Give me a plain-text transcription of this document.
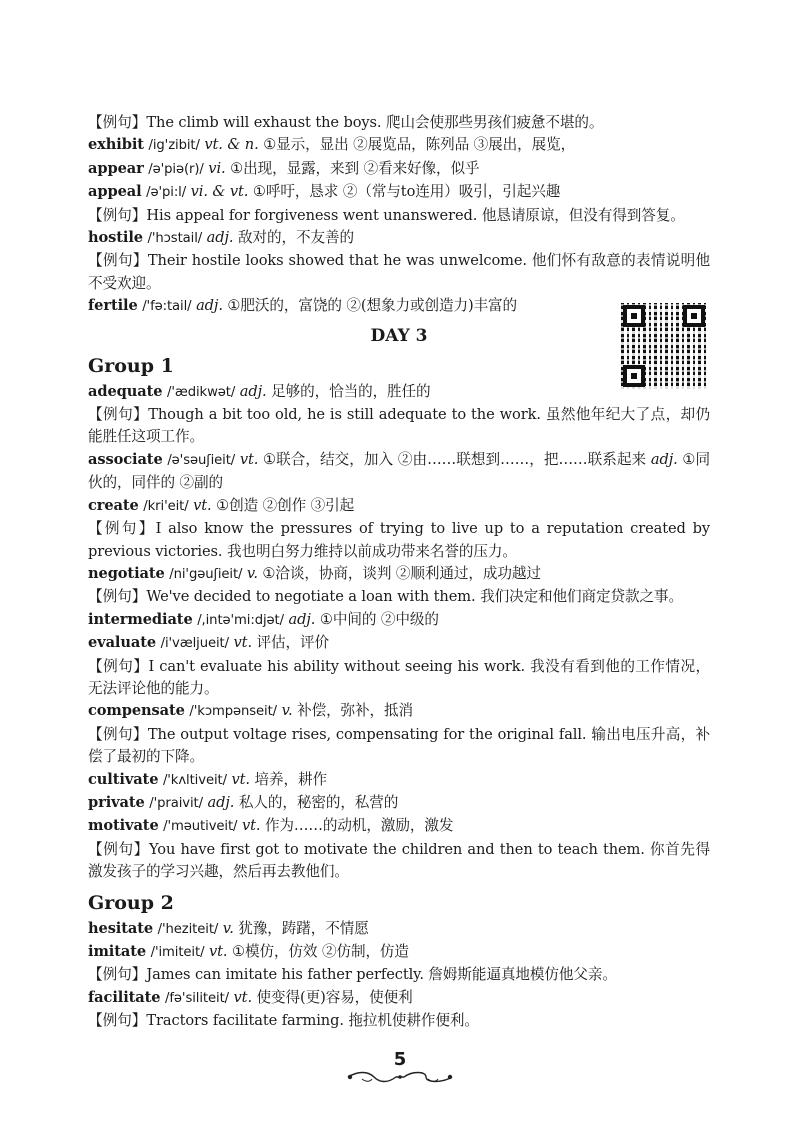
【例句】The climb will exhaust the boys. 爬山会使那些男孩们疲惫不堪的。
exhibit /ig'zibit/ vt. & n. ①显示，显出 ②展览品，陈列品 ③展出，展览，
appear /ə'piə(r)/ vi. ①出现，显露，来到 ②看来好像，似乎
appeal /ə'pi:l/ vi. & vt. ①呼吁，恳求 ②（常与to连用）吸引，引起兴趣
【例句】His appeal for forgiveness went unanswered. 他恳请原谅，但没有得到答复。
hostile /'hɔstail/ adj. 敌对的，不友善的
【例句】Their hostile looks showed that he was unwelcome. 他们怀有敌意的表情说明他不受欢迎。
fertile /'fə:tail/ adj. ①肥沃的，富饶的 ②(想象力或创造力)丰富的
DAY 3
Group 1
adequate /'ædikwət/ adj. 足够的，恰当的，胜任的
【例句】Though a bit too old, he is still adequate to the work. 虽然他年纪大了点，却仍能胜任这项工作。
associate /ə'səuʃieit/ vt. ①联合，结交，加入 ②由……联想到……，把……联系起来 adj. ①同伙的，同伴的 ②副的
create /kri'eit/ vt. ①创造 ②创作 ③引起
【例句】I also know the pressures of trying to live up to a reputation created by previous victories. 我也明白努力维持以前成功带来名誉的压力。
negotiate /ni'gəuʃieit/ v. ①洽谈，协商，谈判 ②顺利通过，成功越过
【例句】We've decided to negotiate a loan with them. 我们决定和他们商定贷款之事。
intermediate /,intə'mi:djət/ adj. ①中间的 ②中级的
evaluate /i'væljueit/ vt. 评估，评价
【例句】I can't evaluate his ability without seeing his work. 我没有看到他的工作情况，无法评论他的能力。
compensate /'kɔmpənseit/ v. 补偿，弥补，抵消
【例句】The output voltage rises, compensating for the original fall. 输出电压升高，补偿了最初的下降。
cultivate /'kʌltiveit/ vt. 培养，耕作
private /'praivit/ adj. 私人的，秘密的，私营的
motivate /'məutiveit/ vt. 作为……的动机，激励，激发
【例句】You have first got to motivate the children and then to teach them. 你首先得激发孩子的学习兴趣，然后再去教他们。
Group 2
hesitate /'heziteit/ v. 犹豫，踌躇，不情愿
imitate /'imiteit/ vt. ①模仿，仿效 ②仿制，仿造
【例句】James can imitate his father perfectly. 詹姆斯能逼真地模仿他父亲。
facilitate /fə'siliteit/ vt. 使变得(更)容易，使便利
【例句】Tractors facilitate farming. 拖拉机使耕作便利。
5
